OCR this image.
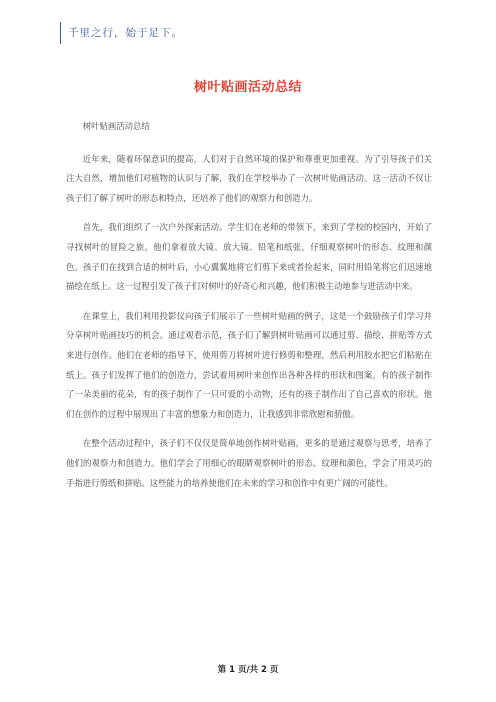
千里之行，始于足下。
树叶贴画活动总结

树叶贴画活动总结

近年来，随着环保意识的提高，人们对于自然环境的保护和尊重更加重视。为了引导孩子们关注大自然，增加他们对植物的认识与了解，我们在学校举办了一次树叶贴画活动。这一活动不仅让孩子们了解了树叶的形态和特点，还培养了他们的观察力和创造力。

首先，我们组织了一次户外探索活动。学生们在老师的带领下，来到了学校的校园内，开始了寻找树叶的冒险之旅。他们拿着放大镜、放大镜、铅笔和纸张，仔细观察树叶的形态、纹理和颜色。孩子们在找到合适的树叶后，小心翼翼地将它们剪下来或者捡起来，同时用铅笔将它们迅速地描绘在纸上。这一过程引发了孩子们对树叶的好奇心和兴趣，他们积极主动地参与进活动中来。

在课堂上，我们利用投影仪向孩子们展示了一些树叶贴画的例子，这是一个鼓励孩子们学习并分享树叶贴画技巧的机会。通过观看示范，孩子们了解到树叶贴画可以通过剪、描绘、拼贴等方式来进行创作。他们在老师的指导下，使用剪刀将树叶进行修剪和整理，然后利用胶水把它们粘贴在纸上。孩子们发挥了他们的创造力，尝试着用树叶来创作出各种各样的形状和图案，有的孩子制作了一朵美丽的花朵，有的孩子制作了一只可爱的小动物，还有的孩子制作出了自己喜欢的形状。他们在创作的过程中展现出了丰富的想象力和创造力，让我感到非常欣慰和骄傲。

在整个活动过程中，孩子们不仅仅是简单地创作树叶贴画，更多的是通过观察与思考，培养了他们的观察力和创造力。他们学会了用细心的眼睛观察树叶的形态、纹理和颜色，学会了用灵巧的手指进行剪纸和拼贴。这些能力的培养使他们在未来的学习和创作中有更广阔的可能性。

第 1 页/共 2 页
